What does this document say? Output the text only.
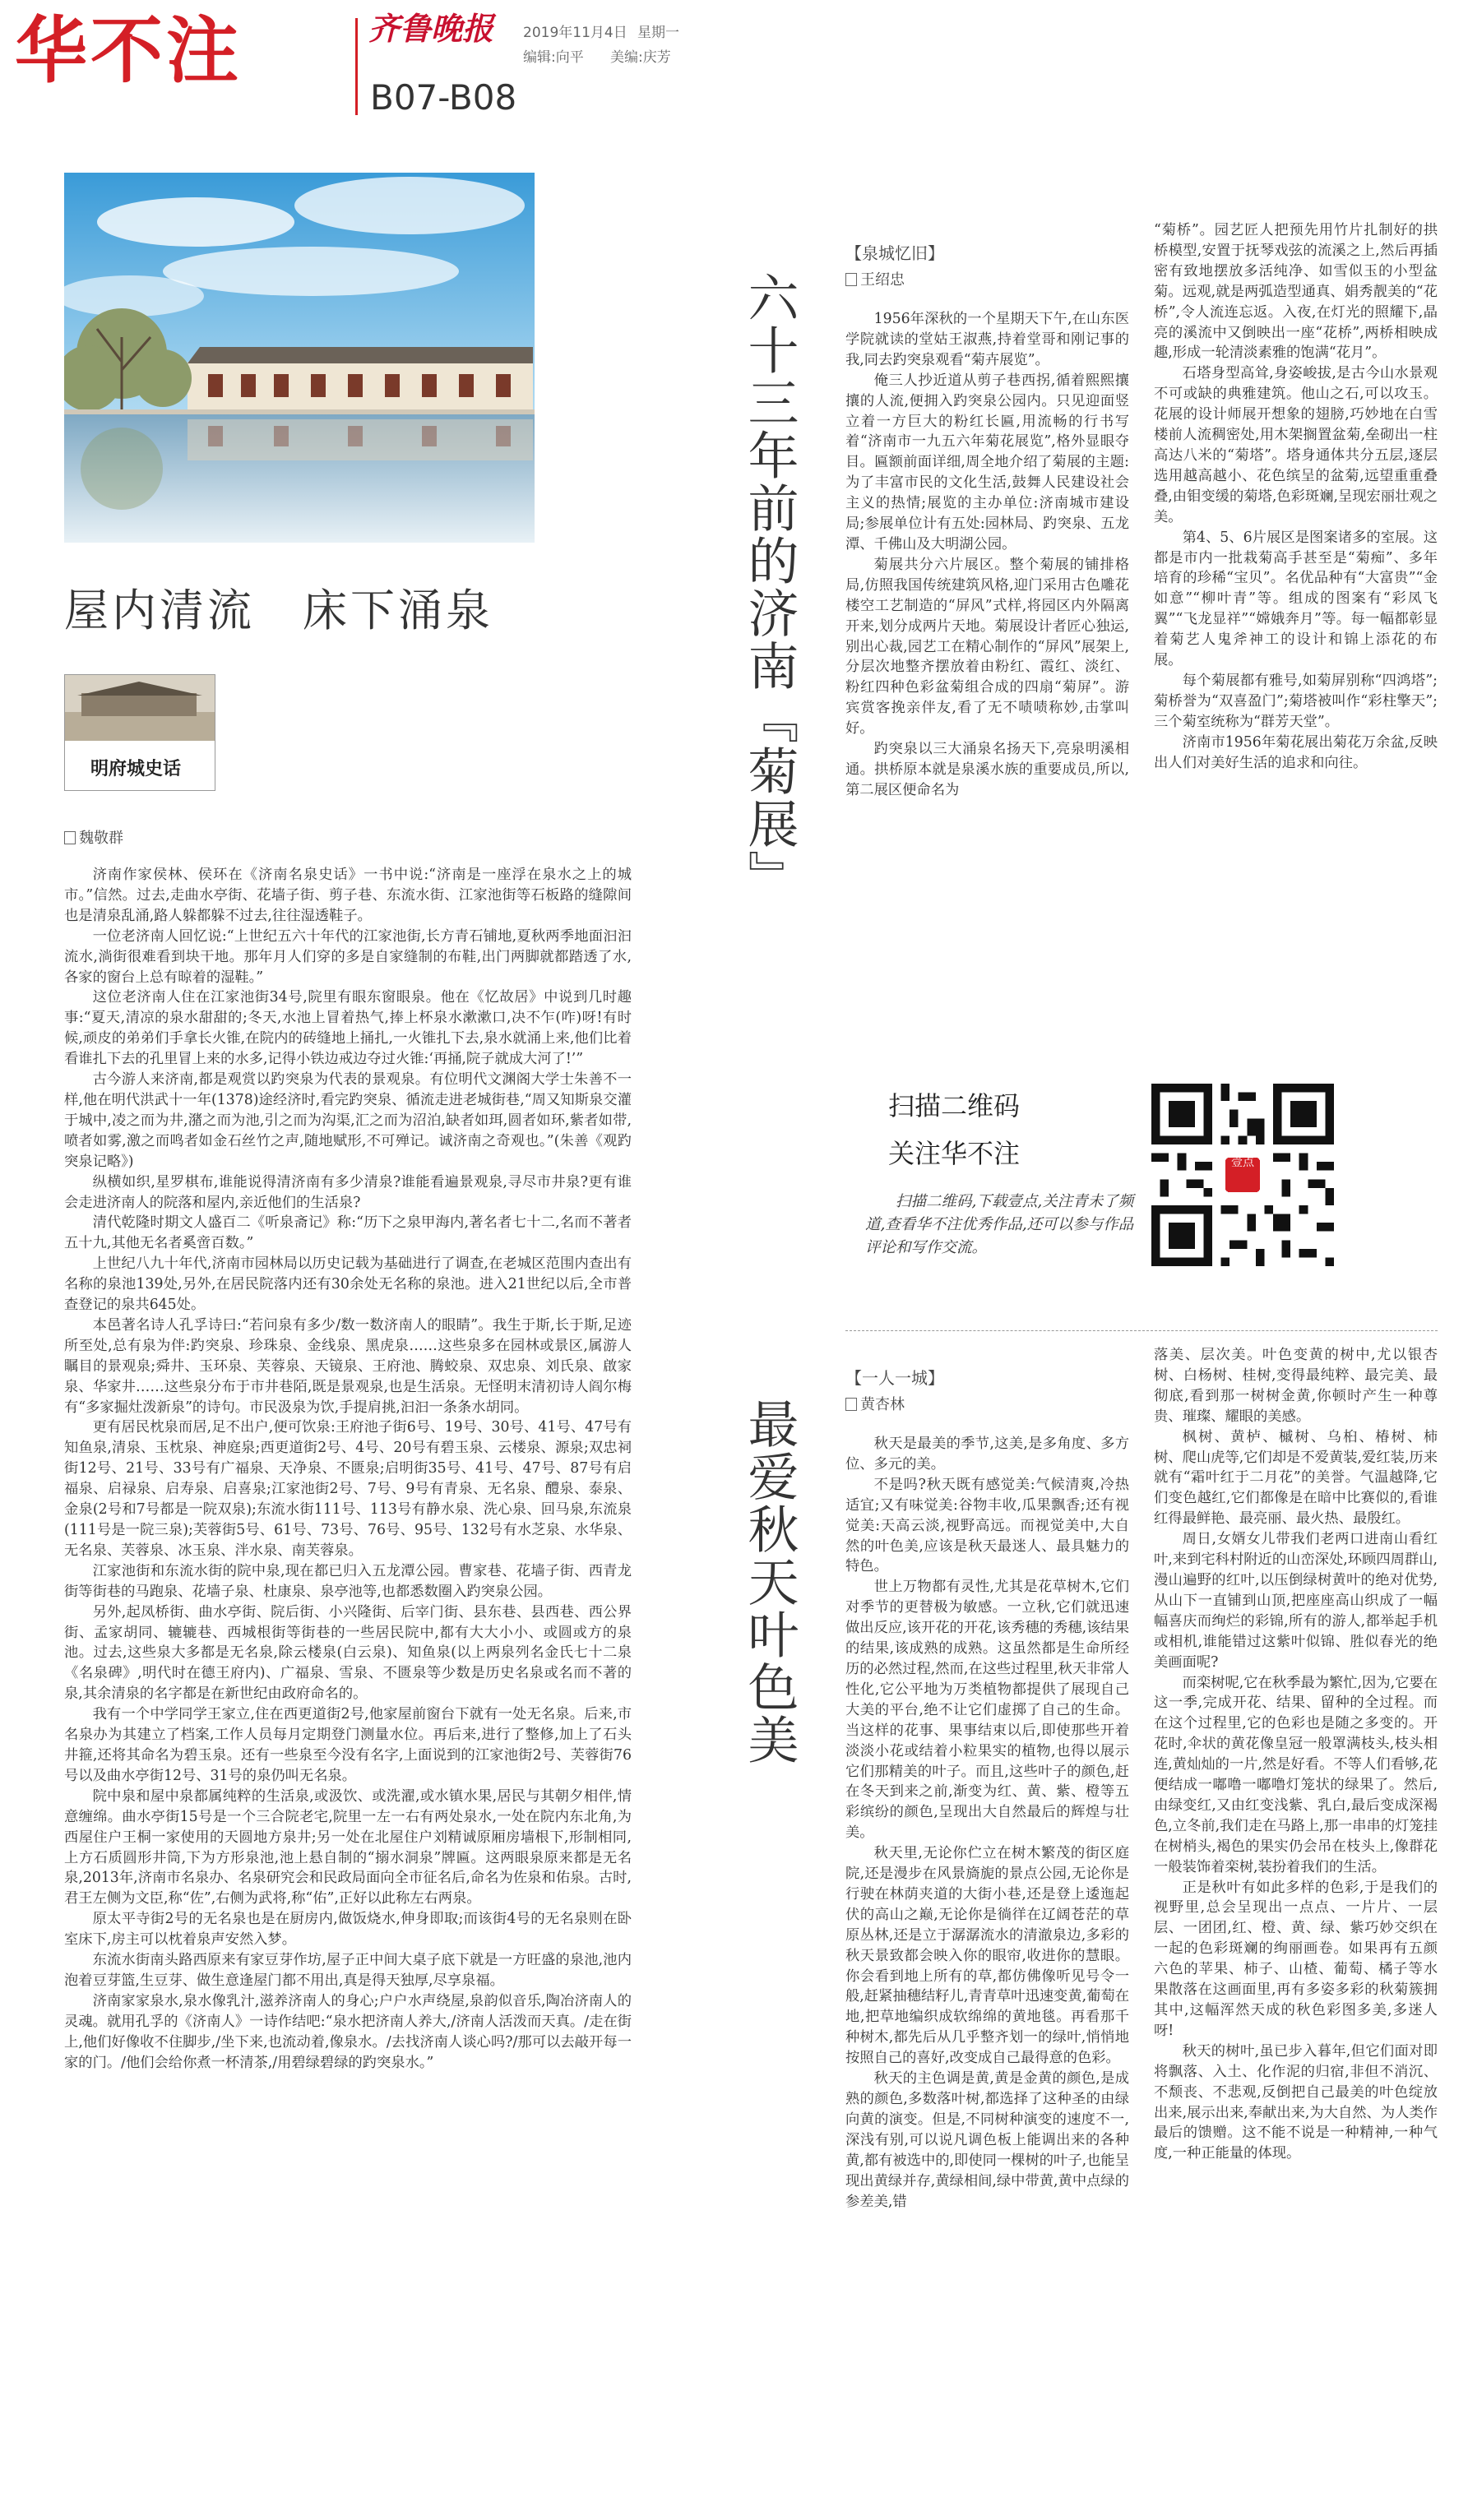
华不注	齐鲁晚报 2019年11月4日 星期一
编辑:向平 美编:庆芳
B07-B08
屋内清流　床下涌泉
明府城史话
魏敬群

济南作家侯林、侯环在《济南名泉史话》一书中说:“济南是一座浮在泉水之上的城市。”信然。过去,走曲水亭街、花墙子街、剪子巷、东流水街、江家池街等石板路的缝隙间也是清泉乱涌,路人躲都躲不过去,往往湿透鞋子。

一位老济南人回忆说:“上世纪五六十年代的江家池街,长方青石铺地,夏秋两季地面汩汩流水,淌街很难看到块干地。那年月人们穿的多是自家缝制的布鞋,出门两脚就都踏透了水,各家的窗台上总有晾着的湿鞋。”

这位老济南人住在江家池街34号,院里有眼东窗眼泉。他在《忆故居》中说到几时趣事:“夏天,清凉的泉水甜甜的;冬天,水池上冒着热气,捧上杯泉水漱漱口,决不乍(咋)呀!有时候,顽皮的弟弟们手拿长火锥,在院内的砖缝地上捅扎,一火锥扎下去,泉水就涌上来,他们比着看谁扎下去的孔里冒上来的水多,记得小铁边戒边夺过火锥:‘再捅,院子就成大河了!’”

古今游人来济南,都是观赏以趵突泉为代表的景观泉。有位明代文渊阁大学士朱善不一样,他在明代洪武十一年(1378)途经济时,看完趵突泉、循流走进老城街巷,“周又知斯泉交灌于城中,凌之而为井,潴之而为池,引之而为沟渠,汇之而为沼泊,缺者如珥,圆者如环,紫者如带,喷者如雾,激之而鸣者如金石丝竹之声,随地赋形,不可殚记。诚济南之奇观也。”(朱善《观趵突泉记略》)

纵横如织,星罗棋布,谁能说得清济南有多少清泉?谁能看遍景观泉,寻尽市井泉?更有谁会走进济南人的院落和屋内,亲近他们的生活泉?

清代乾隆时期文人盛百二《听泉斋记》称:“历下之泉甲海内,著名者七十二,名而不著者五十九,其他无名者奚啻百数。”

上世纪八九十年代,济南市园林局以历史记载为基础进行了调查,在老城区范围内查出有名称的泉池139处,另外,在居民院落内还有30余处无名称的泉池。进入21世纪以后,全市普查登记的泉共645处。

本邑著名诗人孔孚诗曰:“若问泉有多少/数一数济南人的眼睛”。我生于斯,长于斯,足迹所至处,总有泉为伴:趵突泉、珍珠泉、金线泉、黑虎泉……这些泉多在园林或景区,属游人瞩目的景观泉;舜井、玉环泉、芙蓉泉、天镜泉、王府池、腾蛟泉、双忠泉、刘氏泉、啟家泉、华家井……这些泉分布于市井巷陌,既是景观泉,也是生活泉。无怪明末清初诗人阎尔梅有“多家掘灶泼新泉”的诗句。市民汲泉为饮,手提肩挑,汩汩一条条水胡同。

更有居民枕泉而居,足不出户,便可饮泉:王府池子街6号、19号、30号、41号、47号有知鱼泉,清泉、玉枕泉、神庭泉;西更道街2号、4号、20号有碧玉泉、云楼泉、源泉;双忠祠街12号、21号、33号有广福泉、天净泉、不匮泉;启明街35号、41号、47号、87号有启福泉、启禄泉、启寿泉、启喜泉;江家池街2号、7号、9号有青泉、无名泉、醴泉、泰泉、金泉(2号和7号都是一院双泉);东流水街111号、113号有静水泉、洗心泉、回马泉,东流泉(111号是一院三泉);芙蓉街5号、61号、73号、76号、95号、132号有水芝泉、水华泉、无名泉、芙蓉泉、冰玉泉、泮水泉、南芙蓉泉。

江家池街和东流水街的院中泉,现在都已归入五龙潭公园。曹家巷、花墙子街、西青龙街等街巷的马跑泉、花墙子泉、杜康泉、泉亭池等,也都悉数圈入趵突泉公园。

另外,起凤桥街、曲水亭街、院后街、小兴隆街、后宰门街、县东巷、县西巷、西公界街、孟家胡同、辘辘巷、西城根街等街巷的一些居民院中,都有大大小小、或圆或方的泉池。过去,这些泉大多都是无名泉,除云楼泉(白云泉)、知鱼泉(以上两泉列名金氏七十二泉《名泉碑》,明代时在德王府内)、广福泉、雪泉、不匮泉等少数是历史名泉或名而不著的泉,其余清泉的名字都是在新世纪由政府命名的。

我有一个中学同学王家立,住在西更道街2号,他家屋前窗台下就有一处无名泉。后来,市名泉办为其建立了档案,工作人员每月定期登门测量水位。再后来,进行了整修,加上了石头井箍,还将其命名为碧玉泉。还有一些泉至今没有名字,上面说到的江家池街2号、芙蓉街76号以及曲水亭街12号、31号的泉仍叫无名泉。

院中泉和屋中泉都属纯粹的生活泉,或汲饮、或洗濯,或水镇水果,居民与其朝夕相伴,情意缠绵。曲水亭街15号是一个三合院老宅,院里一左一右有两处泉水,一处在院内东北角,为西屋住户王桐一家使用的天圆地方泉井;另一处在北屋住户刘精诚原厢房墙根下,形制相同,上方石质圆形井筒,下为方形泉池,池上悬自制的“搦水洞泉”牌匾。这两眼泉原来都是无名泉,2013年,济南市名泉办、名泉研究会和民政局面向全市征名后,命名为佐泉和佑泉。古时,君王左侧为文臣,称“佐”,右侧为武将,称“佑”,正好以此称左右两泉。

原太平寺街2号的无名泉也是在厨房内,做饭烧水,伸身即取;而该街4号的无名泉则在卧室床下,房主可以枕着泉声安然入梦。

东流水街南头路西原来有家豆芽作坊,屋子正中间大桌子底下就是一方旺盛的泉池,池内泡着豆芽篮,生豆芽、做生意逢屋门都不用出,真是得天独厚,尽享泉福。

济南家家泉水,泉水像乳汁,滋养济南人的身心;户户水声绕屋,泉韵似音乐,陶冶济南人的灵魂。就用孔孚的《济南人》一诗作结吧:“泉水把济南人养大,/济南人活泼而天真。/走在街上,他们好像收不住脚步,/坐下来,也流动着,像泉水。/去找济南人谈心吗?/那可以去敲开每一家的门。/他们会给你煮一杯清茶,/用碧绿碧绿的趵突泉水。”

六十三年前的济南『菊展』
【泉城忆旧】
王绍忠

1956年深秋的一个星期天下午,在山东医学院就读的堂姑王淑燕,持着堂哥和刚记事的我,同去趵突泉观看“菊卉展览”。

俺三人抄近道从剪子巷西拐,循着熙熙攘攘的人流,便拥入趵突泉公园内。只见迎面竖立着一方巨大的粉红长匾,用流畅的行书写着“济南市一九五六年菊花展览”,格外显眼夺目。匾额前面详细,周全地介绍了菊展的主题:为了丰富市民的文化生活,鼓舞人民建设社会主义的热情;展览的主办单位:济南城市建设局;参展单位计有五处:园林局、趵突泉、五龙潭、千佛山及大明湖公园。

菊展共分六片展区。整个菊展的铺排格局,仿照我国传统建筑风格,迎门采用古色雕花楼空工艺制造的“屏风”式样,将园区内外隔离开来,划分成两片天地。菊展设计者匠心独运,别出心裁,园艺工在精心制作的“屏风”展架上,分层次地整齐摆放着由粉红、霞红、淡红、粉红四种色彩盆菊组合成的四扇“菊屏”。游宾赏客挽亲伴友,看了无不啧啧称妙,击掌叫好。

趵突泉以三大涌泉名扬天下,亮泉明溪相通。拱桥原本就是泉溪水族的重要成员,所以,第二展区便命名为

“菊桥”。园艺匠人把预先用竹片扎制好的拱桥模型,安置于抚琴戏弦的流溪之上,然后再插密有致地摆放多活纯净、如雪似玉的小型盆菊。远观,就是两弧造型通真、娟秀靓美的“花桥”,令人流连忘返。入夜,在灯光的照耀下,晶亮的溪流中又倒映出一座“花桥”,两桥相映成趣,形成一轮清淡素雅的饱满“花月”。

石塔身型高耸,身姿峻拔,是古今山水景观不可或缺的典雅建筑。他山之石,可以攻玉。花展的设计师展开想象的翅膀,巧妙地在白雪楼前人流稠密处,用木架搁置盆菊,垒砌出一柱高达八米的“菊塔”。塔身通体共分五层,逐层选用越高越小、花色缤呈的盆菊,远望重重叠叠,由钼变缓的菊塔,色彩斑斓,呈现宏丽壮观之美。

第4、5、6片展区是图案诸多的室展。这都是市内一批栽菊高手甚至是“菊痴”、多年培育的珍稀“宝贝”。名优品种有“大富贵”“金如意”“柳叶青”等。组成的图案有“彩凤飞翼”“飞龙显祥”“嫦娥奔月”等。每一幅都彰显着菊艺人鬼斧神工的设计和锦上添花的布展。

每个菊展都有雅号,如菊屏别称“四鸿塔”;菊桥誉为“双喜盈门”;菊塔被叫作“彩柱擎天”;三个菊室统称为“群芳天堂”。

济南市1956年菊花展出菊花万余盆,反映出人们对美好生活的追求和向往。

扫描二维码
关注华不注
扫描二维码,下载壹点,关注青未了频道,查看华不注优秀作品,还可以参与作品评论和写作交流。
壹点
最爱秋天叶色美
【一人一城】
黄杏林

秋天是最美的季节,这美,是多角度、多方位、多元的美。

不是吗?秋天既有感觉美:气候清爽,冷热适宜;又有味觉美:谷物丰收,瓜果飘香;还有视觉美:天高云淡,视野高远。而视觉美中,大自然的叶色美,应该是秋天最迷人、最具魅力的特色。

世上万物都有灵性,尤其是花草树木,它们对季节的更替极为敏感。一立秋,它们就迅速做出反应,该开花的开花,该秀穗的秀穗,该结果的结果,该成熟的成熟。这虽然都是生命所经历的必然过程,然而,在这些过程里,秋天非常人性化,它公平地为万类植物都提供了展现自己大美的平台,绝不让它们虚掷了自己的生命。当这样的花事、果事结束以后,即使那些开着淡淡小花或结着小粒果实的植物,也得以展示它们那精美的叶子。而且,这些叶子的颜色,赶在冬天到来之前,渐变为红、黄、紫、橙等五彩缤纷的颜色,呈现出大自然最后的辉煌与壮美。

秋天里,无论你伫立在树木繁茂的街区庭院,还是漫步在风景旖旎的景点公园,无论你是行驶在林荫夹道的大街小巷,还是登上逶迤起伏的高山之巅,无论你是徜徉在辽阔苍茫的草原丛林,还是立于潺潺流水的清澈泉边,多彩的秋天景致都会映入你的眼帘,收进你的慧眼。你会看到地上所有的草,都仿佛像听见号令一般,赶紧抽穗结籽儿,青青草叶迅速变黄,葡萄在地,把草地编织成软绵绵的黄地毯。再看那千种树木,都先后从几乎整齐划一的绿叶,悄悄地按照自己的喜好,改变成自己最得意的色彩。

秋天的主色调是黄,黄是金黄的颜色,是成熟的颜色,多数落叶树,都选择了这种圣的由绿向黄的演变。但是,不同树种演变的速度不一,深浅有别,可以说凡调色板上能调出来的各种黄,都有被选中的,即使同一棵树的叶子,也能呈现出黄绿并存,黄绿相间,绿中带黄,黄中点绿的参差美,错

落美、层次美。叶色变黄的树中,尤以银杏树、白杨树、桂树,变得最纯粹、最完美、最彻底,看到那一树树金黄,你顿时产生一种尊贵、璀璨、耀眼的美感。

枫树、黄栌、槭树、乌桕、椿树、柿树、爬山虎等,它们却是不爱黄装,爱红装,历来就有“霜叶红于二月花”的美誉。气温越降,它们变色越红,它们都像是在暗中比赛似的,看谁红得最鲜艳、最亮丽、最火热、最殷红。

周日,女婿女儿带我们老两口进南山看红叶,来到宅科村附近的山峦深处,环顾四周群山,漫山遍野的红叶,以压倒绿树黄叶的绝对优势,从山下一直铺到山顶,把座座高山织成了一幅幅喜庆而绚烂的彩锦,所有的游人,都举起手机或相机,谁能错过这紫叶似锦、胜似春光的绝美画面呢?

而栾树呢,它在秋季最为繁忙,因为,它要在这一季,完成开花、结果、留种的全过程。而在这个过程里,它的色彩也是随之多变的。开花时,伞状的黄花像皇冠一般罩满枝头,枝头相连,黄灿灿的一片,然是好看。不等人们看够,花便结成一嘟噜一嘟噜灯笼状的绿果了。然后,由绿变红,又由红变浅紫、乳白,最后变成深褐色,立冬前,我们走在马路上,那一串串的灯笼挂在树梢头,褐色的果实仍会吊在枝头上,像群花一般装饰着栾树,装扮着我们的生活。

正是秋叶有如此多样的色彩,于是我们的视野里,总会呈现出一点点、一片片、一层层、一团团,红、橙、黄、绿、紫巧妙交织在一起的色彩斑斓的绚丽画卷。如果再有五颜六色的苹果、柿子、山楂、葡萄、橘子等水果散落在这画面里,再有多姿多彩的秋菊簇拥其中,这幅浑然天成的秋色彩图多美,多迷人呀!

秋天的树叶,虽已步入暮年,但它们面对即将飘落、入土、化作泥的归宿,非但不消沉、不颓丧、不悲观,反倒把自己最美的叶色绽放出来,展示出来,奉献出来,为大自然、为人类作最后的馈赠。这不能不说是一种精神,一种气度,一种正能量的体现。
